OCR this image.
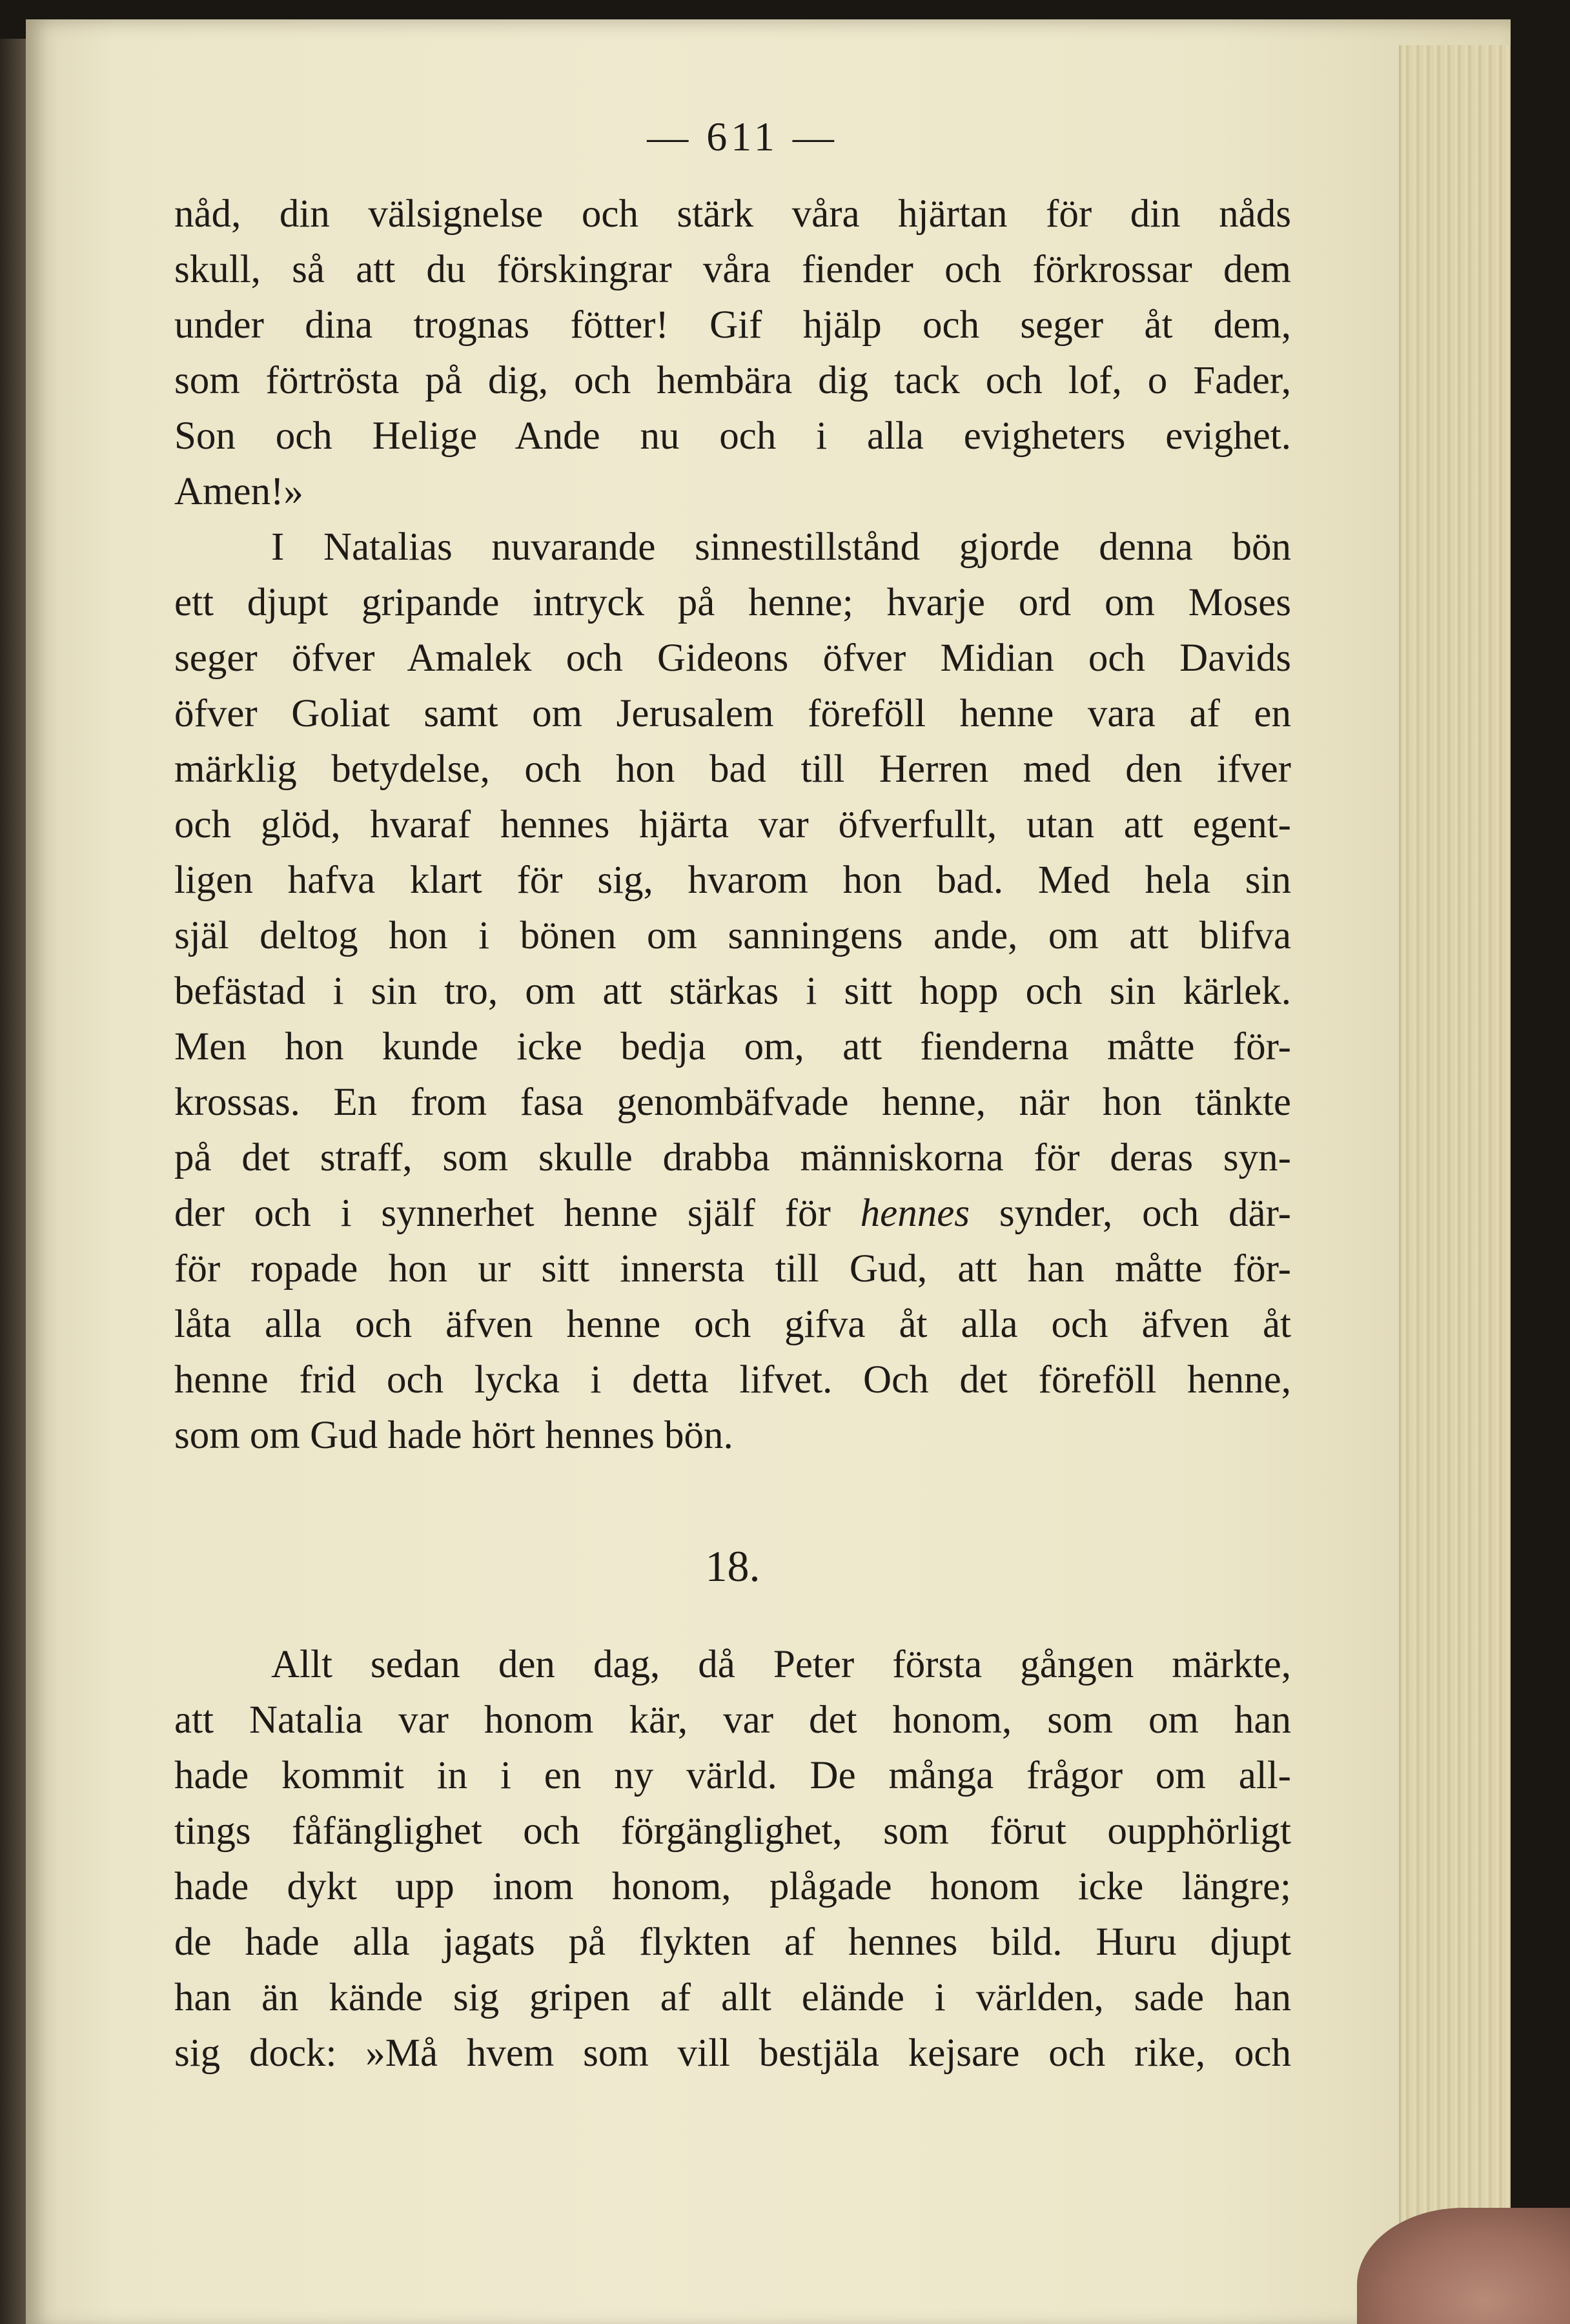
— 611 —

nåd, din välsignelse och stärk våra hjärtan för din nåds

skull, så att du förskingrar våra fiender och förkrossar dem

under dina trognas fötter! Gif hjälp och seger åt dem,

som förtrösta på dig, och hembära dig tack och lof, o Fader,

Son och Helige Ande nu och i alla evigheters evighet.

Amen!»

I Natalias nuvarande sinnestillstånd gjorde denna bön

ett djupt gripande intryck på henne; hvarje ord om Moses

seger öfver Amalek och Gideons öfver Midian och Davids

öfver Goliat samt om Jerusalem föreföll henne vara af en

märklig betydelse, och hon bad till Herren med den ifver

och glöd, hvaraf hennes hjärta var öfverfullt, utan att egent-

ligen hafva klart för sig, hvarom hon bad. Med hela sin

själ deltog hon i bönen om sanningens ande, om att blifva

befästad i sin tro, om att stärkas i sitt hopp och sin kärlek.

Men hon kunde icke bedja om, att fienderna måtte för-

krossas. En from fasa genombäfvade henne, när hon tänkte

på det straff, som skulle drabba människorna för deras syn-

der och i synnerhet henne själf för hennes synder, och där-

för ropade hon ur sitt innersta till Gud, att han måtte för-

låta alla och äfven henne och gifva åt alla och äfven åt

henne frid och lycka i detta lifvet. Och det föreföll henne,

som om Gud hade hört hennes bön.

18.

Allt sedan den dag, då Peter första gången märkte,

att Natalia var honom kär, var det honom, som om han

hade kommit in i en ny värld. De många frågor om all-

tings fåfänglighet och förgänglighet, som förut oupphörligt

hade dykt upp inom honom, plågade honom icke längre;

de hade alla jagats på flykten af hennes bild. Huru djupt

han än kände sig gripen af allt elände i världen, sade han

sig dock: »Må hvem som vill bestjäla kejsare och rike, och
